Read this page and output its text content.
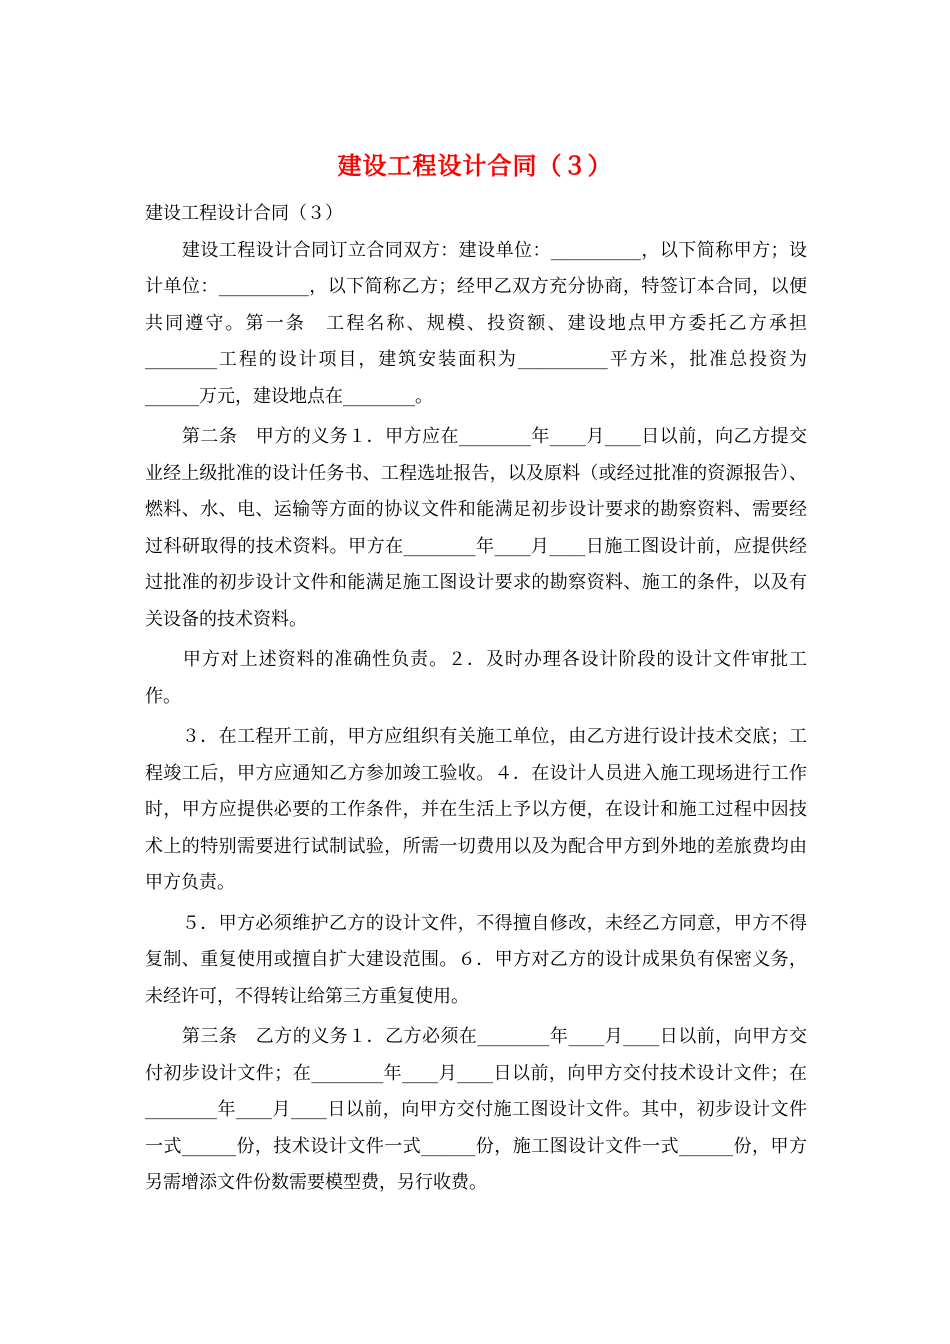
建设工程设计合同（３）

建设工程设计合同（３）

　　建设工程设计合同订立合同双方：建设单位：__________，以下简称甲方；设计单位：__________，以下简称乙方；经甲乙双方充分协商，特签订本合同，以便共同遵守。第一条　工程名称、规模、投资额、建设地点甲方委托乙方承担________工程的设计项目，建筑安装面积为__________平方米，批准总投资为______万元，建设地点在________。

　　第二条　甲方的义务１．甲方应在________年____月____日以前，向乙方提交业经上级批准的设计任务书、工程选址报告，以及原料（或经过批准的资源报告）、燃料、水、电、运输等方面的协议文件和能满足初步设计要求的勘察资料、需要经过科研取得的技术资料。甲方在________年____月____日施工图设计前，应提供经过批准的初步设计文件和能满足施工图设计要求的勘察资料、施工的条件，以及有关设备的技术资料。

　　甲方对上述资料的准确性负责。２．及时办理各设计阶段的设计文件审批工作。

　　３．在工程开工前，甲方应组织有关施工单位，由乙方进行设计技术交底；工程竣工后，甲方应通知乙方参加竣工验收。４．在设计人员进入施工现场进行工作时，甲方应提供必要的工作条件，并在生活上予以方便，在设计和施工过程中因技术上的特别需要进行试制试验，所需一切费用以及为配合甲方到外地的差旅费均由甲方负责。

　　５．甲方必须维护乙方的设计文件，不得擅自修改，未经乙方同意，甲方不得复制、重复使用或擅自扩大建设范围。６．甲方对乙方的设计成果负有保密义务，未经许可，不得转让给第三方重复使用。

　　第三条　乙方的义务１．乙方必须在________年____月____日以前，向甲方交付初步设计文件；在________年____月____日以前，向甲方交付技术设计文件；在________年____月____日以前，向甲方交付施工图设计文件。其中，初步设计文件一式______份，技术设计文件一式______份，施工图设计文件一式______份，甲方另需增添文件份数需要模型费，另行收费。
